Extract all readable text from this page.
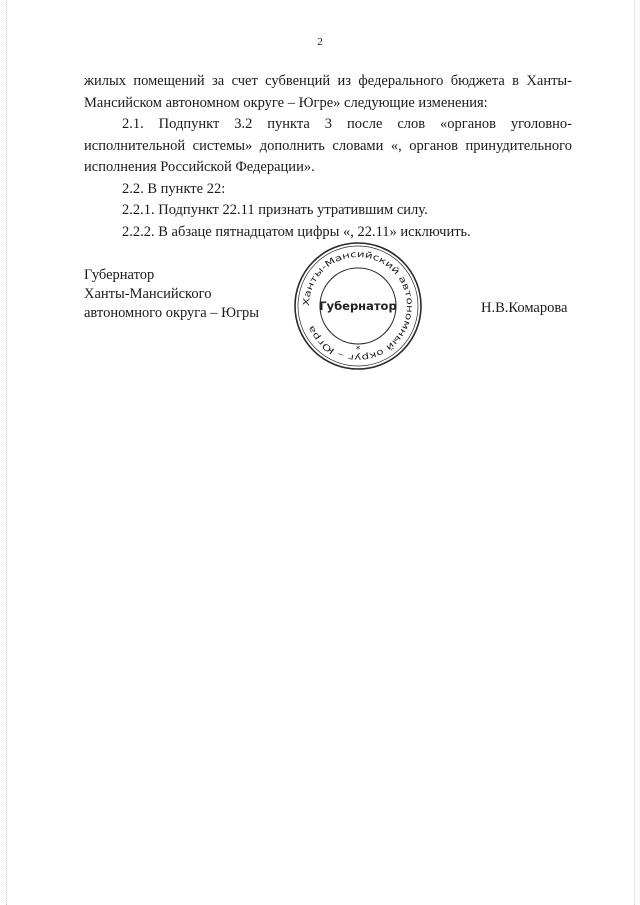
2

жилых помещений за счет субвенций из федерального бюджета в Ханты-Мансийском автономном округе – Югре» следующие изменения:

2.1. Подпункт 3.2 пункта 3 после слов «органов уголовно-исполнительной системы» дополнить словами «, органов принудительного исполнения Российской Федерации».

2.2. В пункте 22:

2.2.1. Подпункт 22.11 признать утратившим силу.

2.2.2. В абзаце пятнадцатом цифры «, 22.11» исключить.

Губернатор
Ханты-Мансийского
автономного округа – Югры	Н.В.Комарова
Ханты-Мансийский автономный округ – Югра
Губернатор
*
